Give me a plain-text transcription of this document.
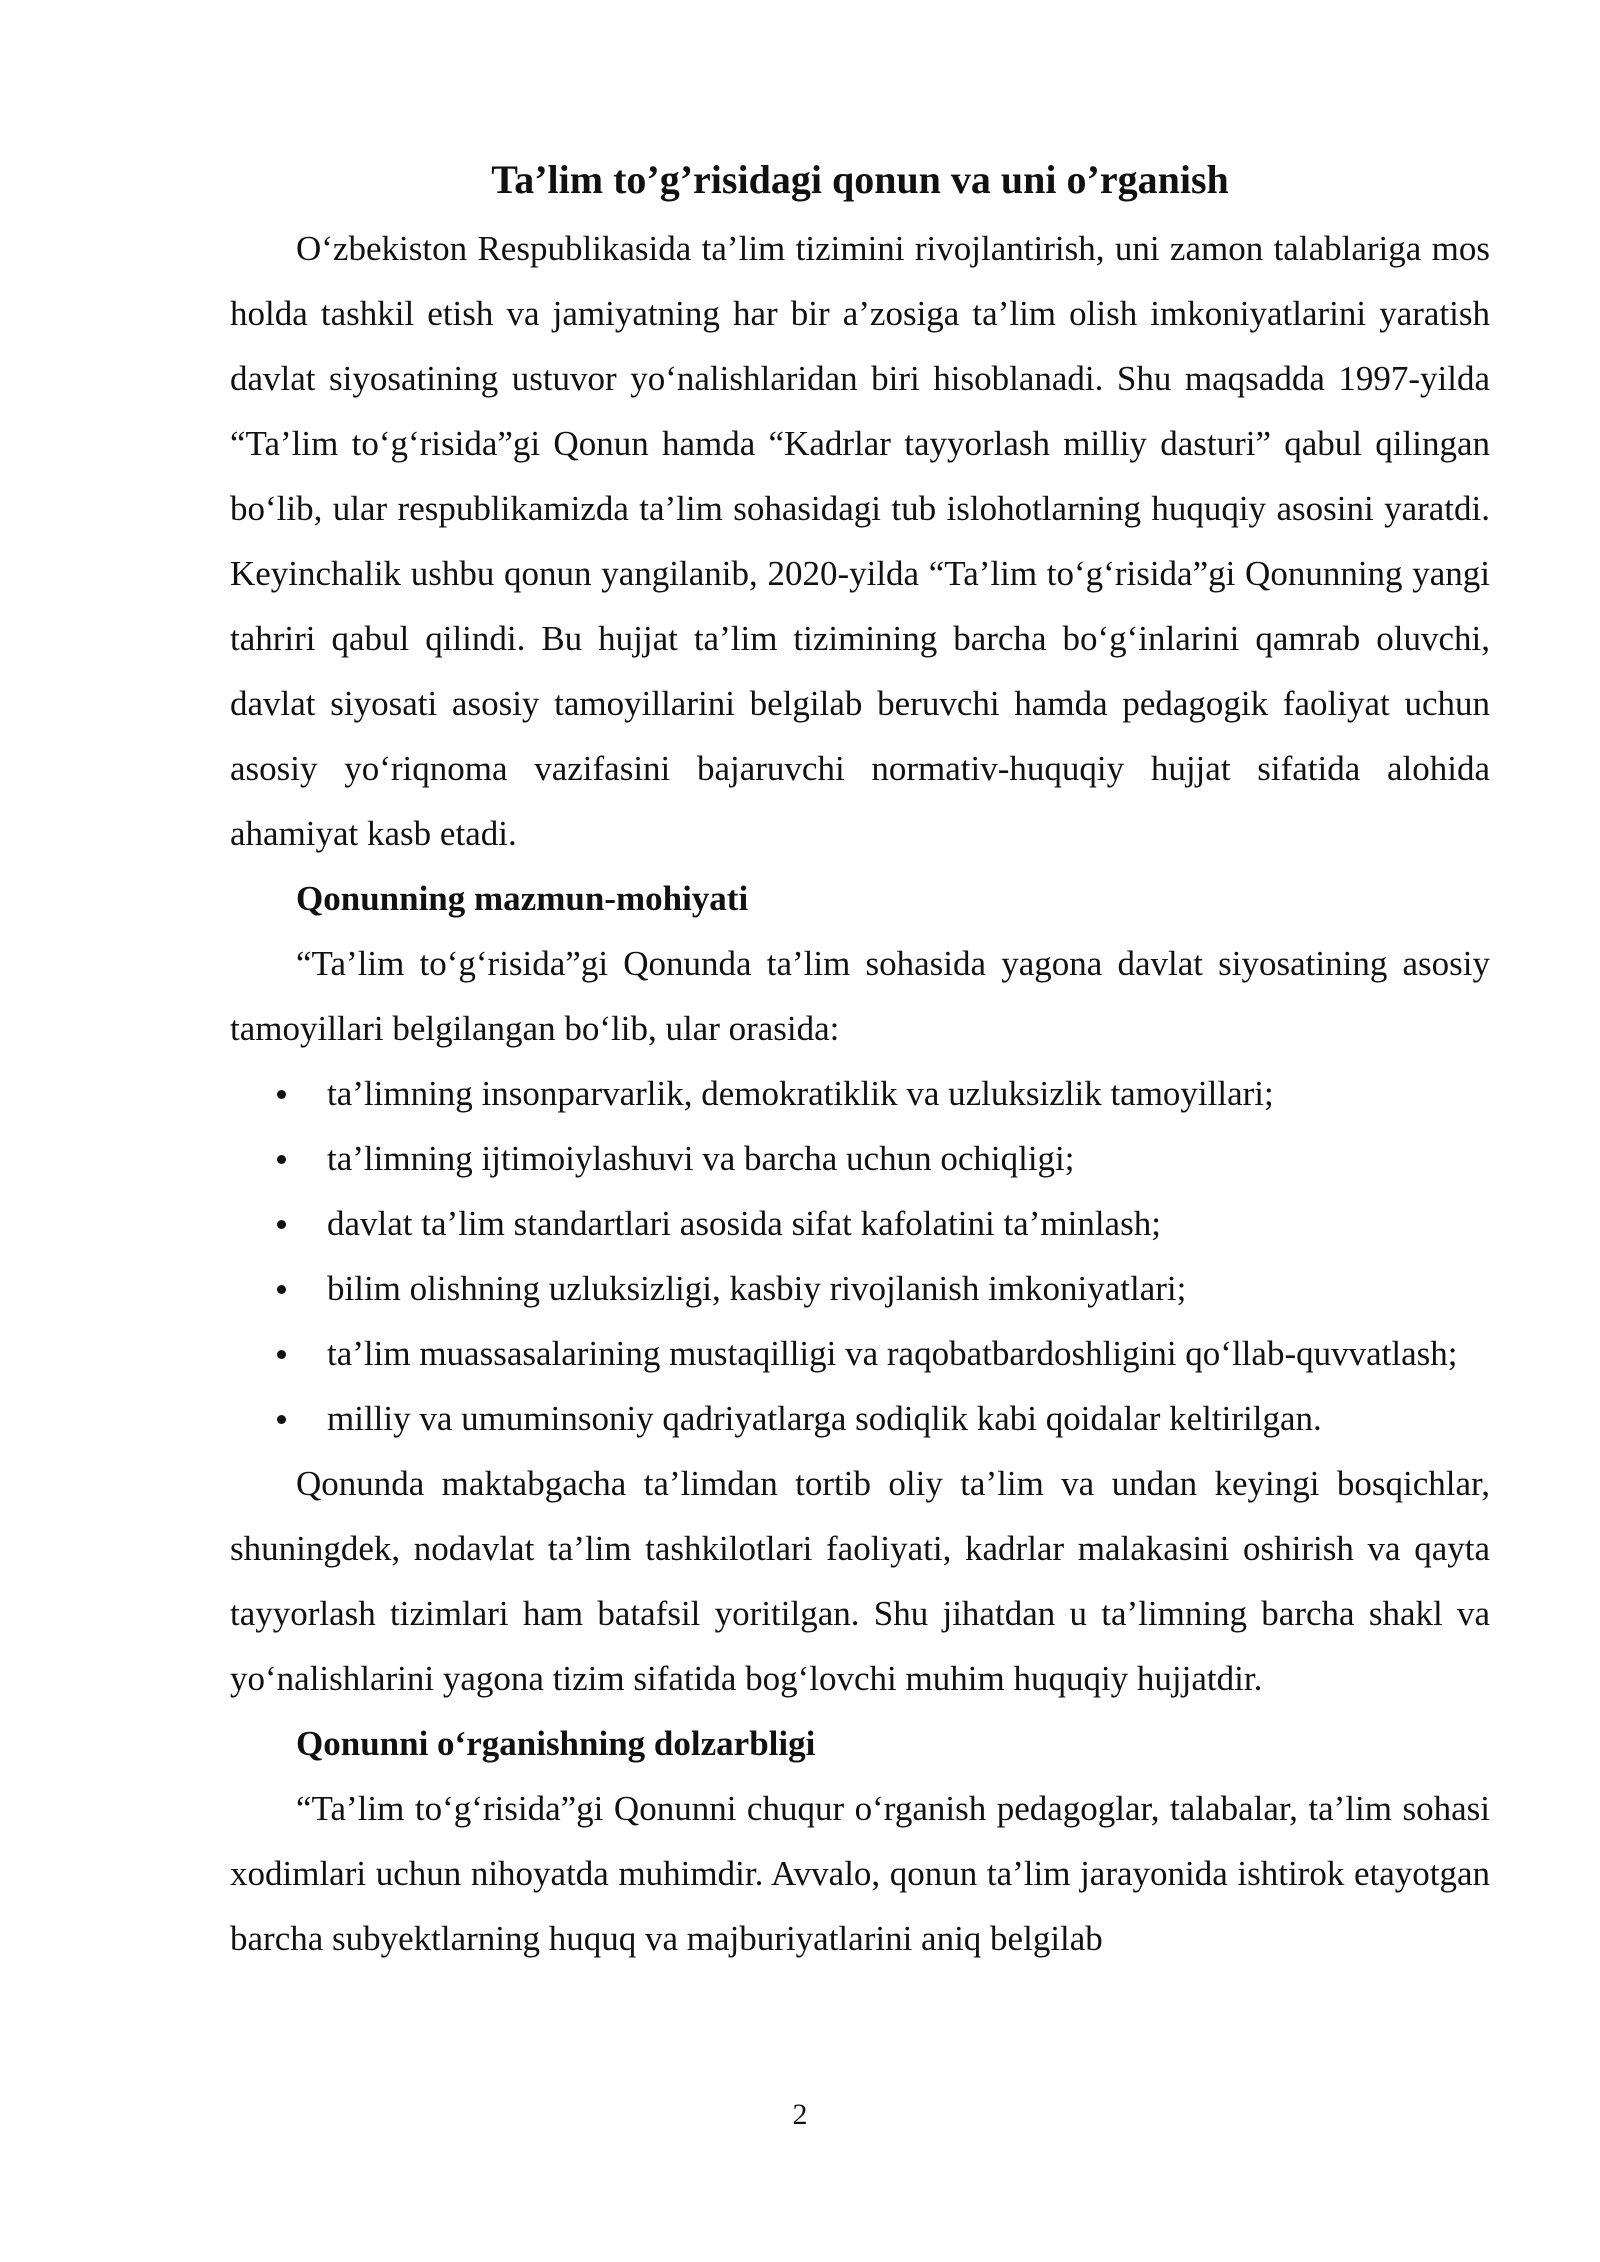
Ta’lim to’g’risidagi qonun va uni o’rganish

O‘zbekiston Respublikasida ta’lim tizimini rivojlantirish, uni zamon talablariga mos holda tashkil etish va jamiyatning har bir a’zosiga ta’lim olish imkoniyatlarini yaratish davlat siyosatining ustuvor yo‘nalishlaridan biri hisoblanadi. Shu maqsadda 1997-yilda “Ta’lim to‘g‘risida”gi Qonun hamda “Kadrlar tayyorlash milliy dasturi” qabul qilingan bo‘lib, ular respublikamizda ta’lim sohasidagi tub islohotlarning huquqiy asosini yaratdi. Keyinchalik ushbu qonun yangilanib, 2020-yilda “Ta’lim to‘g‘risida”gi Qonunning yangi tahriri qabul qilindi. Bu hujjat ta’lim tizimining barcha bo‘g‘inlarini qamrab oluvchi, davlat siyosati asosiy tamoyillarini belgilab beruvchi hamda pedagogik faoliyat uchun asosiy yo‘riqnoma vazifasini bajaruvchi normativ-huquqiy hujjat sifatida alohida ahamiyat kasb etadi.

Qonunning mazmun-mohiyati

“Ta’lim to‘g‘risida”gi Qonunda ta’lim sohasida yagona davlat siyosatining asosiy tamoyillari belgilangan bo‘lib, ular orasida:

ta’limning insonparvarlik, demokratiklik va uzluksizlik tamoyillari;
ta’limning ijtimoiylashuvi va barcha uchun ochiqligi;
davlat ta’lim standartlari asosida sifat kafolatini ta’minlash;
bilim olishning uzluksizligi, kasbiy rivojlanish imkoniyatlari;
ta’lim muassasalarining mustaqilligi va raqobatbardoshligini qo‘llab-quvvatlash;
milliy va umuminsoniy qadriyatlarga sodiqlik kabi qoidalar keltirilgan.

Qonunda maktabgacha ta’limdan tortib oliy ta’lim va undan keyingi bosqichlar, shuningdek, nodavlat ta’lim tashkilotlari faoliyati, kadrlar malakasini oshirish va qayta tayyorlash tizimlari ham batafsil yoritilgan. Shu jihatdan u ta’limning barcha shakl va yo‘nalishlarini yagona tizim sifatida bog‘lovchi muhim huquqiy hujjatdir.

Qonunni o‘rganishning dolzarbligi

“Ta’lim to‘g‘risida”gi Qonunni chuqur o‘rganish pedagoglar, talabalar, ta’lim sohasi xodimlari uchun nihoyatda muhimdir. Avvalo, qonun ta’lim jarayonida ishtirok etayotgan barcha subyektlarning huquq va majburiyatlarini aniq belgilab

2
